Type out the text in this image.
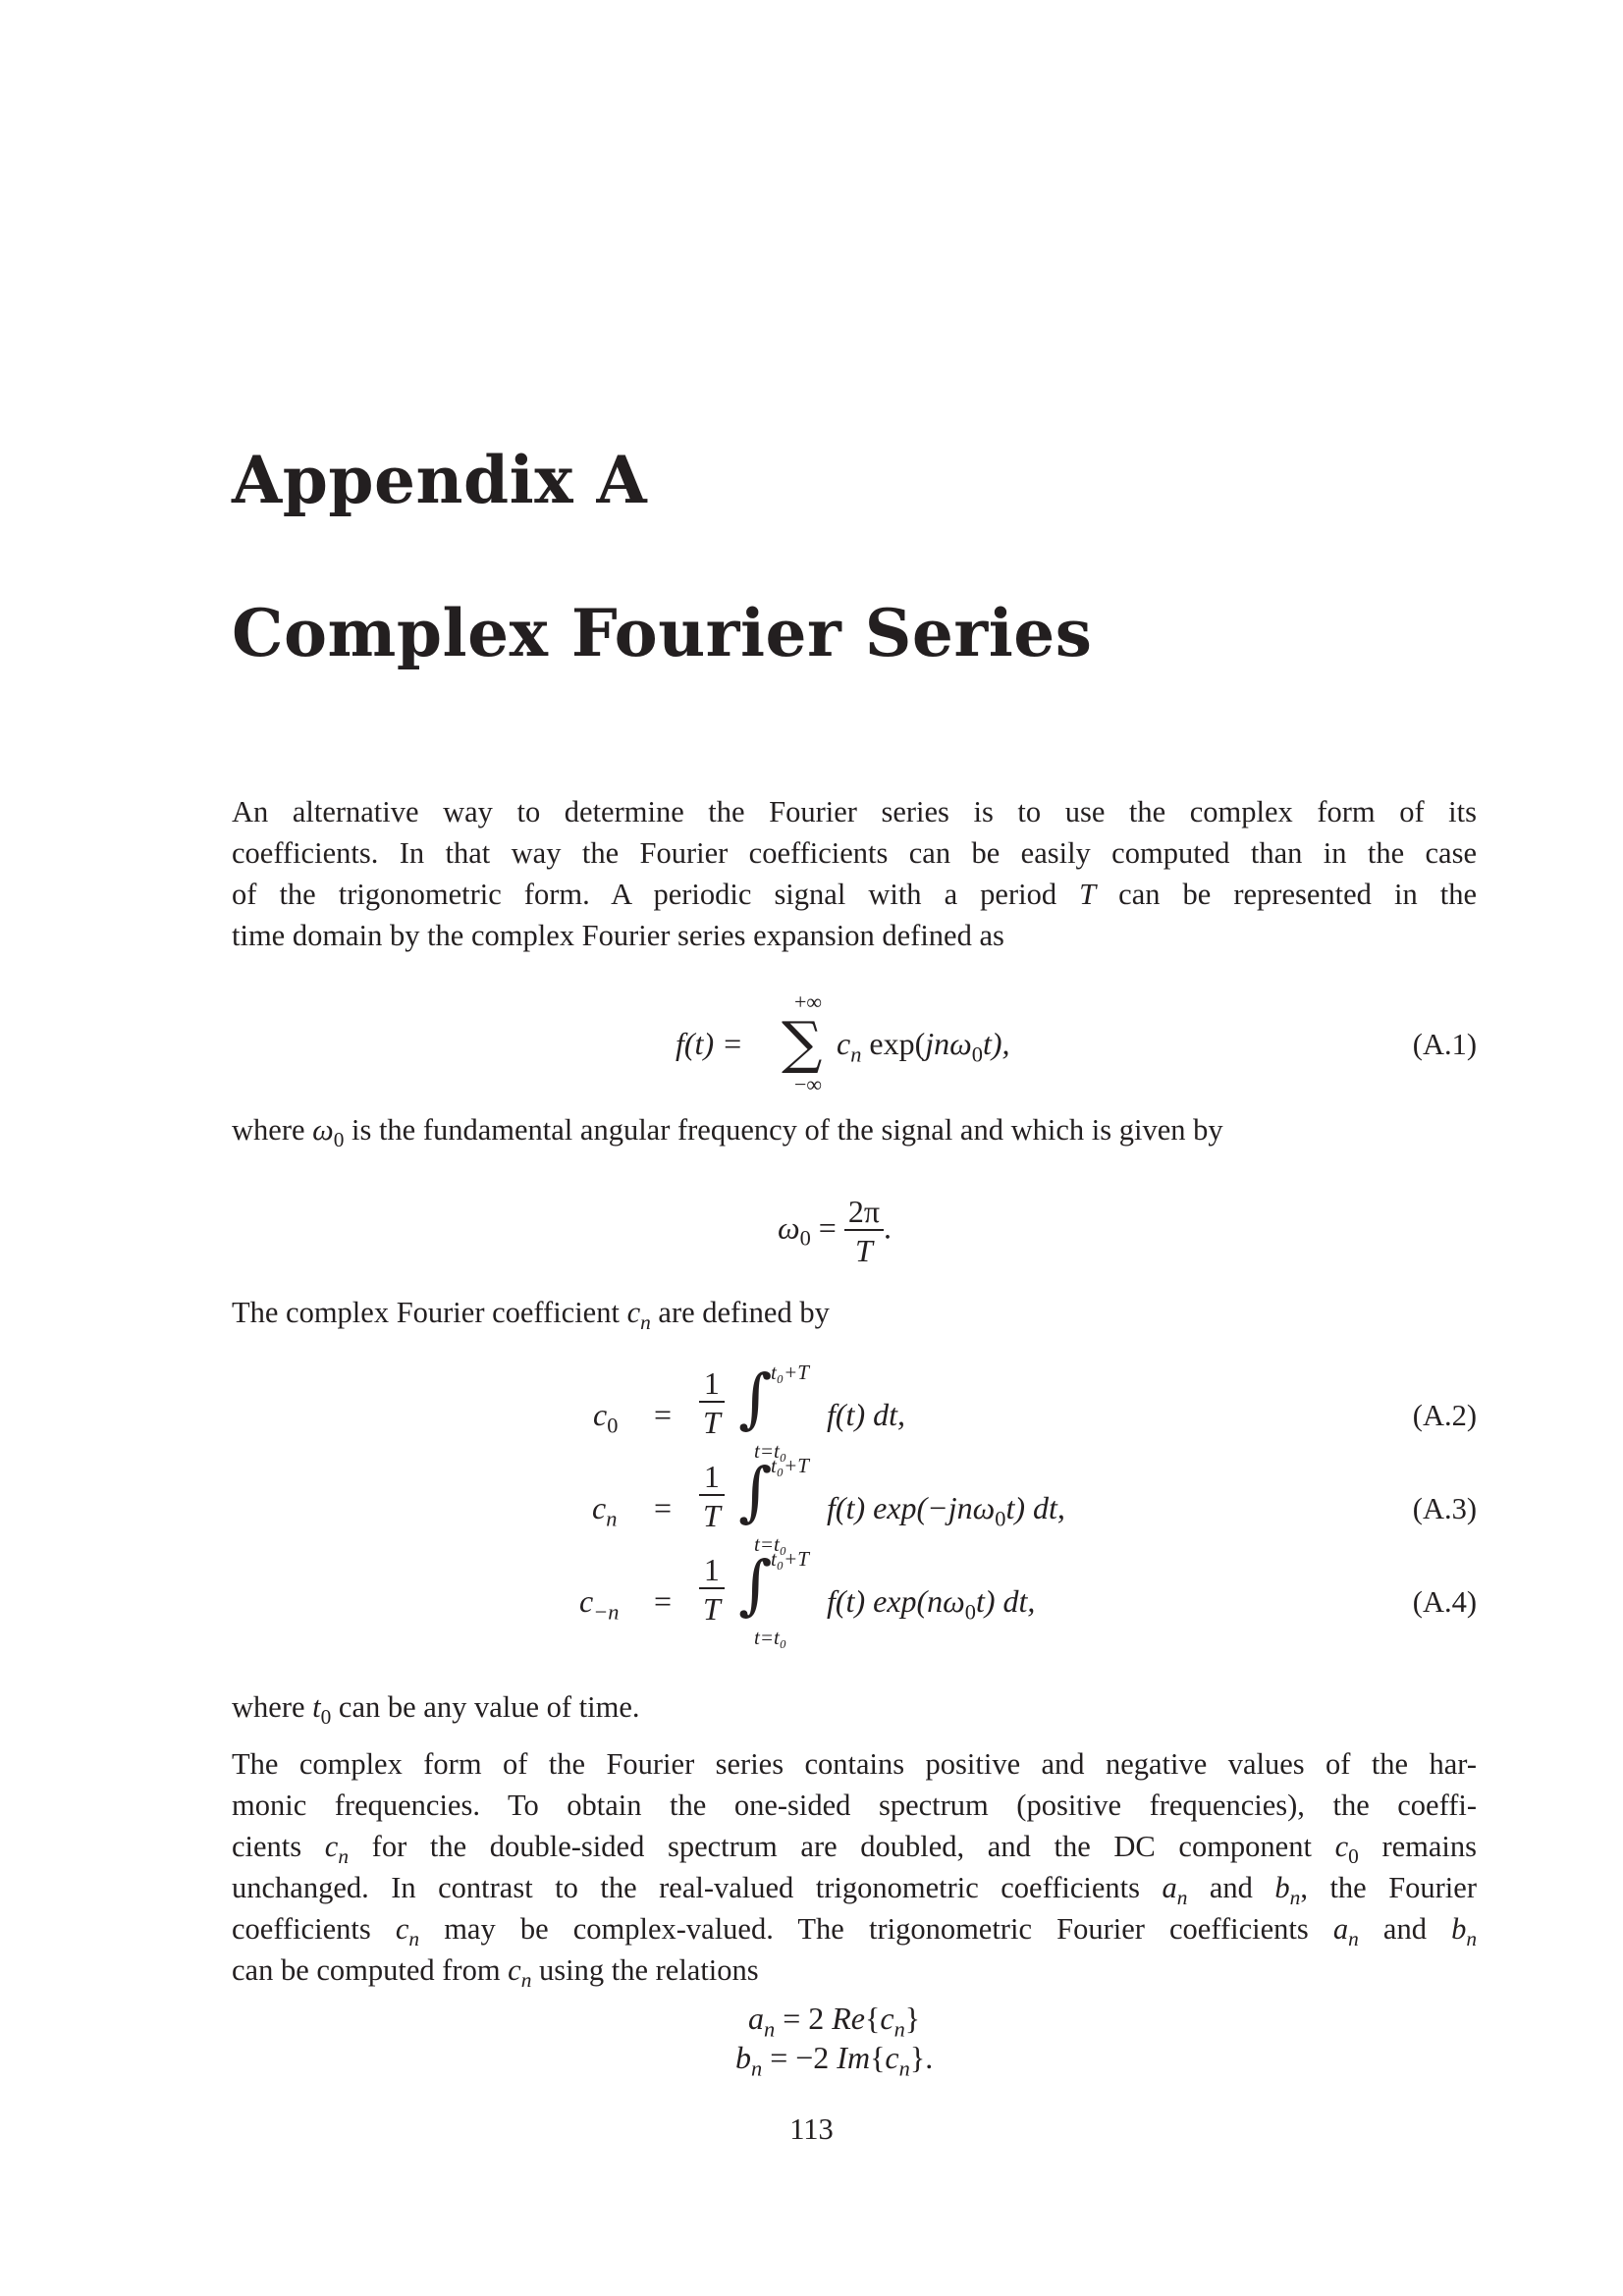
Appendix A
Complex Fourier Series
An alternative way to determine the Fourier series is to use the complex form of its
coefficients. In that way the Fourier coefficients can be easily computed than in the case
of the trigonometric form. A periodic signal with a period T can be represented in the
time domain by the complex Fourier series expansion defined as
f(t) =
+∞
∑
−∞
$c_n$ exp(jnω$_0$t),	(A.1)
where $\omega_0$ is the fundamental angular frequency of the signal and which is given by
$\omega_0 = \frac{2\pi}{T}$ .
The complex Fourier coefficient $c_n$ are defined by
$c_0 = \frac{1}{T}$ ∫
t₀+T
t=t₀
f(t) dt,	(A.2)
$c_n = \frac{1}{T}$ ∫
t₀+T
t=t₀
f(t) exp(−jnω$_0$t) dt,	(A.3)
$c_{-n} = \frac{1}{T}$ ∫
t₀+T
t=t₀
f(t) $\exp(n\omega_0t)$ dt,	(A.4)
where $t_0$ can be any value of time.
The complex form of the Fourier series contains positive and negative values of the har-
monic frequencies. To obtain the one-sided spectrum (positive frequencies), the coeffi-
cients $c_n$ for the double-sided spectrum are doubled, and the DC component $c_0$ remains
unchanged. In contrast to the real-valued trigonometric coefficients $a_n$ and $b_n$, the Fourier
coefficients $c_n$ may be complex-valued. The trigonometric Fourier coefficients $a_n$ and $b_n$
can be computed from $c_n$ using the relations
$a_n = 2$ $Re\{c_n\}$
$b_n = -2$ $Im\{c_n\}$.
113
